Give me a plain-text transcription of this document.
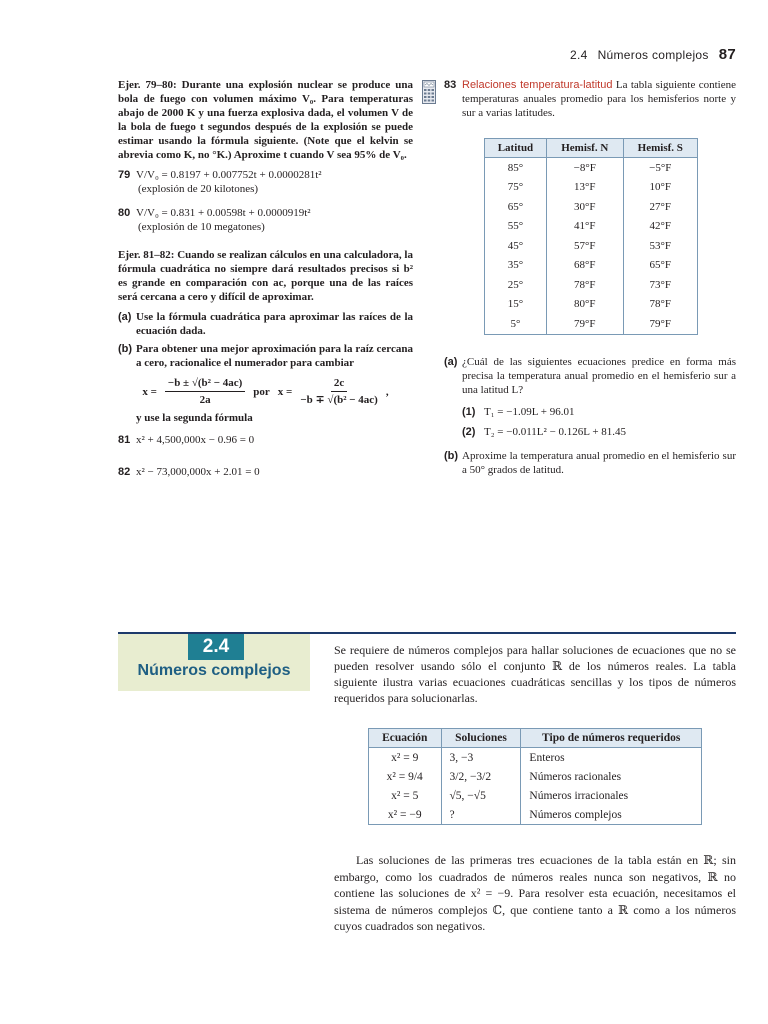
2.4 Números complejos 87

Ejer. 79–80: Durante una explosión nuclear se produce una bola de fuego con volumen máximo V₀. Para temperaturas abajo de 2000 K y una fuerza explosiva dada, el volumen V de la bola de fuego t segundos después de la explosión se puede estimar usando la fórmula siguiente. (Note que el kelvin se abrevia como K, no °K.) Aproxime t cuando V sea 95% de V₀.

79 V/V₀ = 0.8197 + 0.007752t + 0.0000281t²
(explosión de 20 kilotones)
80 V/V₀ = 0.831 + 0.00598t + 0.0000919t²
(explosión de 10 megatones)

Ejer. 81–82: Cuando se realizan cálculos en una calculadora, la fórmula cuadrática no siempre dará resultados precisos si b² es grande en comparación con ac, porque una de las raíces será cercana a cero y difícil de aproximar.

(a) Use la fórmula cuadrática para aproximar las raíces de la ecuación dada.
(b) Para obtener una mejor aproximación para la raíz cercana a cero, racionalice el numerador para cambiar
$x = \frac{\text{−b ± √(b² − 4ac)}}{2a}$ por $x = \frac{2c}{\text{−b ∓ √(b² − 4ac)}}$ ,
y use la segunda fórmula
81 x² + 4,500,000x − 0.96 = 0
82 x² − 73,000,000x + 2.01 = 0
83 Relaciones temperatura-latitud La tabla siguiente contiene temperaturas anuales promedio para los hemisferios norte y sur a varias latitudes.
Latitud	Hemisf. N	Hemisf. S
85°	−8°F	−5°F
75°	13°F	10°F
65°	30°F	27°F
55°	41°F	42°F
45°	57°F	53°F
35°	68°F	65°F
25°	78°F	73°F
15°	80°F	78°F
5°	79°F	79°F
(a) ¿Cuál de las siguientes ecuaciones predice en forma más precisa la temperatura anual promedio en el hemisferio sur a una latitud L?
(1) T₁ = −1.09L + 96.01
(2) T₂ = −0.011L² − 0.126L + 81.45
(b) Aproxime la temperatura anual promedio en el hemisferio sur a 50° grados de latitud.
2.4
Números complejos
Se requiere de números complejos para hallar soluciones de ecuaciones que no se pueden resolver usando sólo el conjunto ℝ de los números reales. La tabla siguiente ilustra varias ecuaciones cuadráticas sencillas y los tipos de números requeridos para solucionarlas.
Ecuación	Soluciones	Tipo de números requeridos
x² = 9	3, −3	Enteros
x² = 9/4	3/2, −3/2	Números racionales
x² = 5	√5, −√5	Números irracionales
x² = −9	?	Números complejos
Las soluciones de las primeras tres ecuaciones de la tabla están en ℝ; sin embargo, como los cuadrados de números reales nunca son negativos, ℝ no contiene las soluciones de x² = −9. Para resolver esta ecuación, necesitamos el sistema de números complejos ℂ, que contiene tanto a ℝ como a los números cuyos cuadrados son negativos.
